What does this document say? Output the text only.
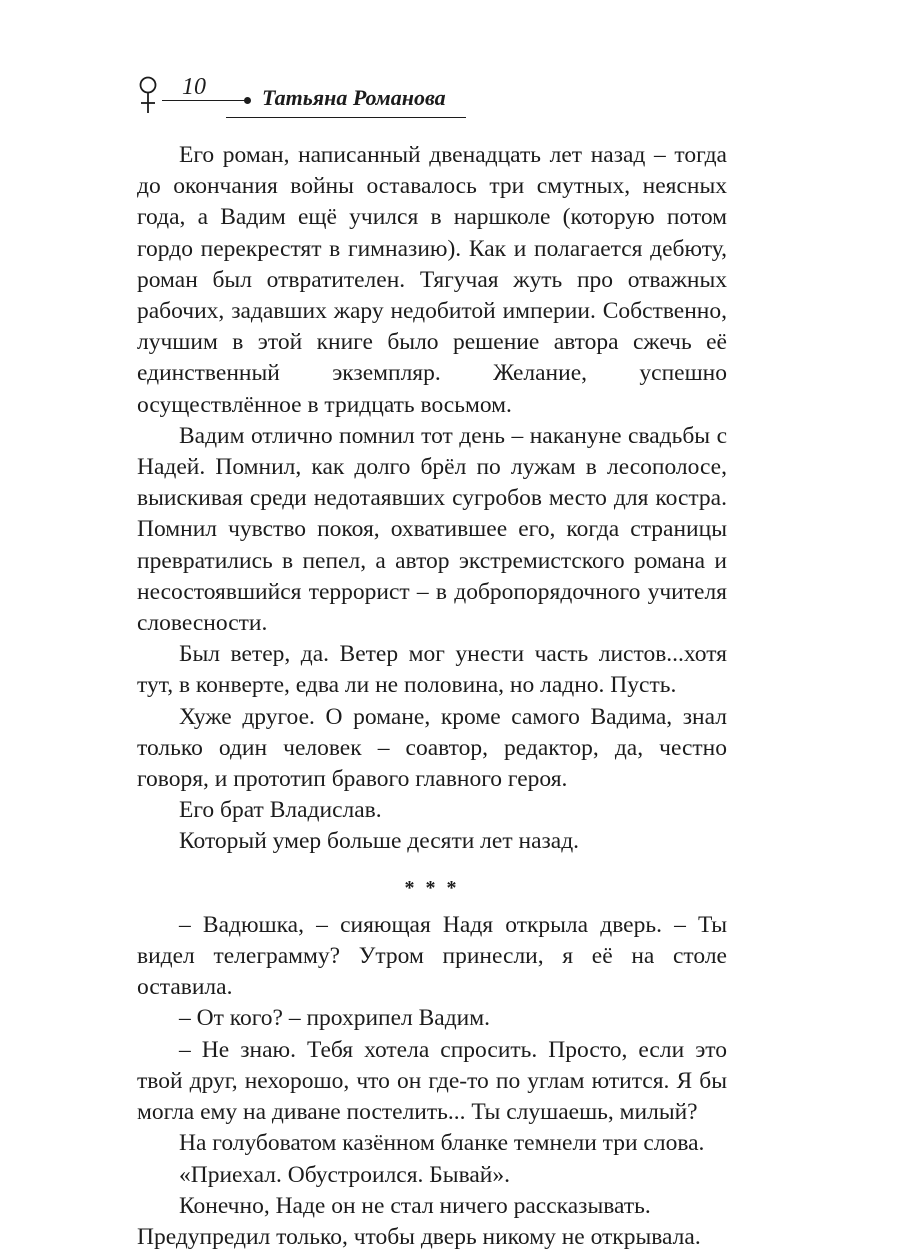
10	Татьяна Романова

Его роман, написанный двенадцать лет назад – тогда до окончания войны оставалось три смутных, неясных года, а Вадим ещё учился в наршколе (которую потом гордо перекрестят в гимназию). Как и полагается дебюту, роман был отвратителен. Тягучая жуть про отважных рабочих, задавших жару недобитой империи. Собственно, лучшим в этой книге было решение автора сжечь её единственный экземпляр. Желание, успешно осуществлённое в тридцать восьмом.

Вадим отлично помнил тот день – накануне свадьбы с Надей. Помнил, как долго брёл по лужам в лесополосе, выискивая среди недотаявших сугробов место для костра. Помнил чувство покоя, охватившее его, когда страницы превратились в пепел, а автор экстремистского романа и несостоявшийся террорист – в добропорядочного учителя словесности.

Был ветер, да. Ветер мог унести часть листов...хотя тут, в конверте, едва ли не половина, но ладно. Пусть.

Хуже другое. О романе, кроме самого Вадима, знал только один человек – соавтор, редактор, да, честно говоря, и прототип бравого главного героя.

Его брат Владислав.

Который умер больше десяти лет назад.

* * *

– Вадюшка, – сияющая Надя открыла дверь. – Ты видел телеграмму? Утром принесли, я её на столе оставила.

– От кого? – прохрипел Вадим.

– Не знаю. Тебя хотела спросить. Просто, если это твой друг, нехорошо, что он где-то по углам ютится. Я бы могла ему на диване постелить... Ты слушаешь, милый?

На голубоватом казённом бланке темнели три слова.

«Приехал. Обустроился. Бывай».

Конечно, Наде он не стал ничего рассказывать. Предупредил только, чтобы дверь никому не открывала.
